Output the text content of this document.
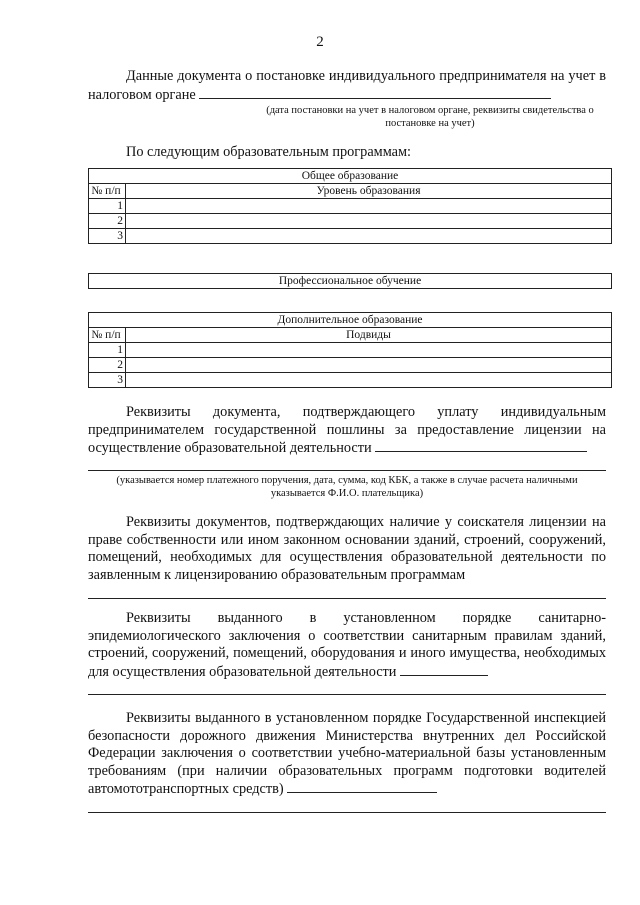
2
Данные документа о постановке индивидуального предпринимателя на учет в налоговом органе
(дата постановки на учет в налоговом органе, реквизиты свидетельства о постановке на учет)
По следующим образовательным программам:
Общее образование	
№ п/п	Уровень образования
1	
2	
3	
Профессиональное обучение
Дополнительное образование	
№ п/п	Подвиды
1	
2	
3	
Реквизиты документа, подтверждающего уплату индивидуальным предпринимателем государственной пошлины за предоставление лицензии на осуществление образовательной деятельности
(указывается номер платежного поручения, дата, сумма, код КБК, а также в случае расчета наличными указывается Ф.И.О. плательщика)
Реквизиты документов, подтверждающих наличие у соискателя лицензии на праве собственности или ином законном основании зданий, строений, сооружений, помещений, необходимых для осуществления образовательной деятельности по заявленным к лицензированию образовательным программам
Реквизиты выданного в установленном порядке санитарно-эпидемиологического заключения о соответствии санитарным правилам зданий, строений, сооружений, помещений, оборудования и иного имущества, необходимых для осуществления образовательной деятельности
Реквизиты выданного в установленном порядке Государственной инспекцией безопасности дорожного движения Министерства внутренних дел Российской Федерации заключения о соответствии учебно-материальной базы установленным требованиям (при наличии образовательных программ подготовки водителей автомототранспортных средств)
